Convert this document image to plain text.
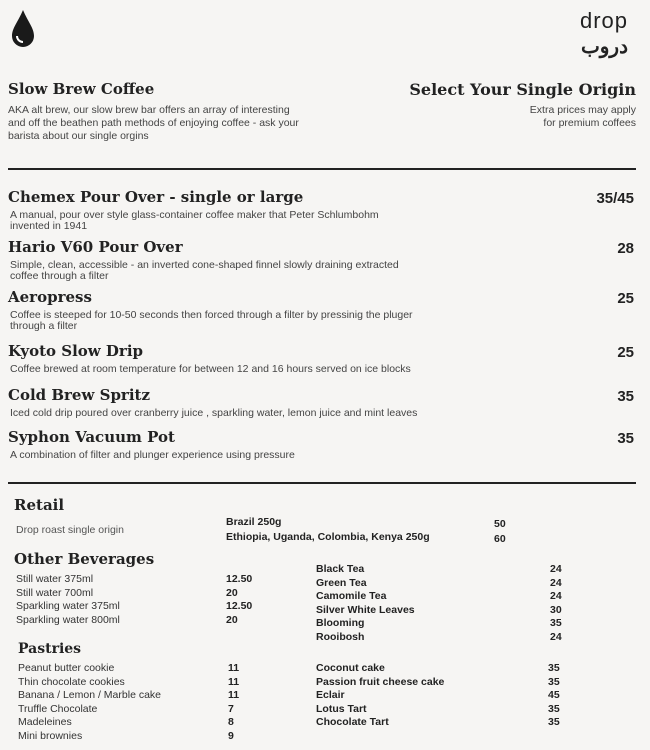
drop
دروب
Slow Brew Coffee
AKA alt brew, our slow brew bar offers an array of interesting
and off the beathen path methods of enjoying coffee - ask your
barista about our single orgins
Select Your Single Origin
Extra prices may apply
for premium coffees
Chemex Pour Over - single or large	35/45
A manual, pour over style glass-container coffee maker that Peter Schlumbohm
invented in 1941
Hario V60 Pour Over	28
Simple, clean, accessible - an inverted cone-shaped finnel slowly draining extracted
coffee through a filter
Aeropress	25
Coffee is steeped for 10-50 seconds then forced through a filter by pressinig the pluger
through a filter
Kyoto Slow Drip	25
Coffee brewed at room temperature for between 12 and 16 hours served on ice blocks
Cold Brew Spritz	35
Iced cold drip poured over cranberry juice , sparkling water, lemon juice and mint leaves
Syphon Vacuum Pot	35
A combination of filter and plunger experience using pressure
Retail
Drop roast single origin
Brazil 250g	50
Ethiopia, Uganda, Colombia, Kenya 250g	60
Other Beverages
Still water 375ml	12.50
Still water 700ml	20
Sparkling water 375ml	12.50
Sparkling water 800ml	20
Black Tea	24
Green Tea	24
Camomile Tea	24
Silver White Leaves	30
Blooming	35
Rooibosh	24
Peanut butter cookie	11
Thin chocolate cookies	11
Banana / Lemon / Marble cake	11
Truffle Chocolate	7
Madeleines	8
Mini brownies	9
Coconut cake	35
Passion fruit cheese cake	35
Eclair	45
Lotus Tart	35
Chocolate Tart	35
Pastries
